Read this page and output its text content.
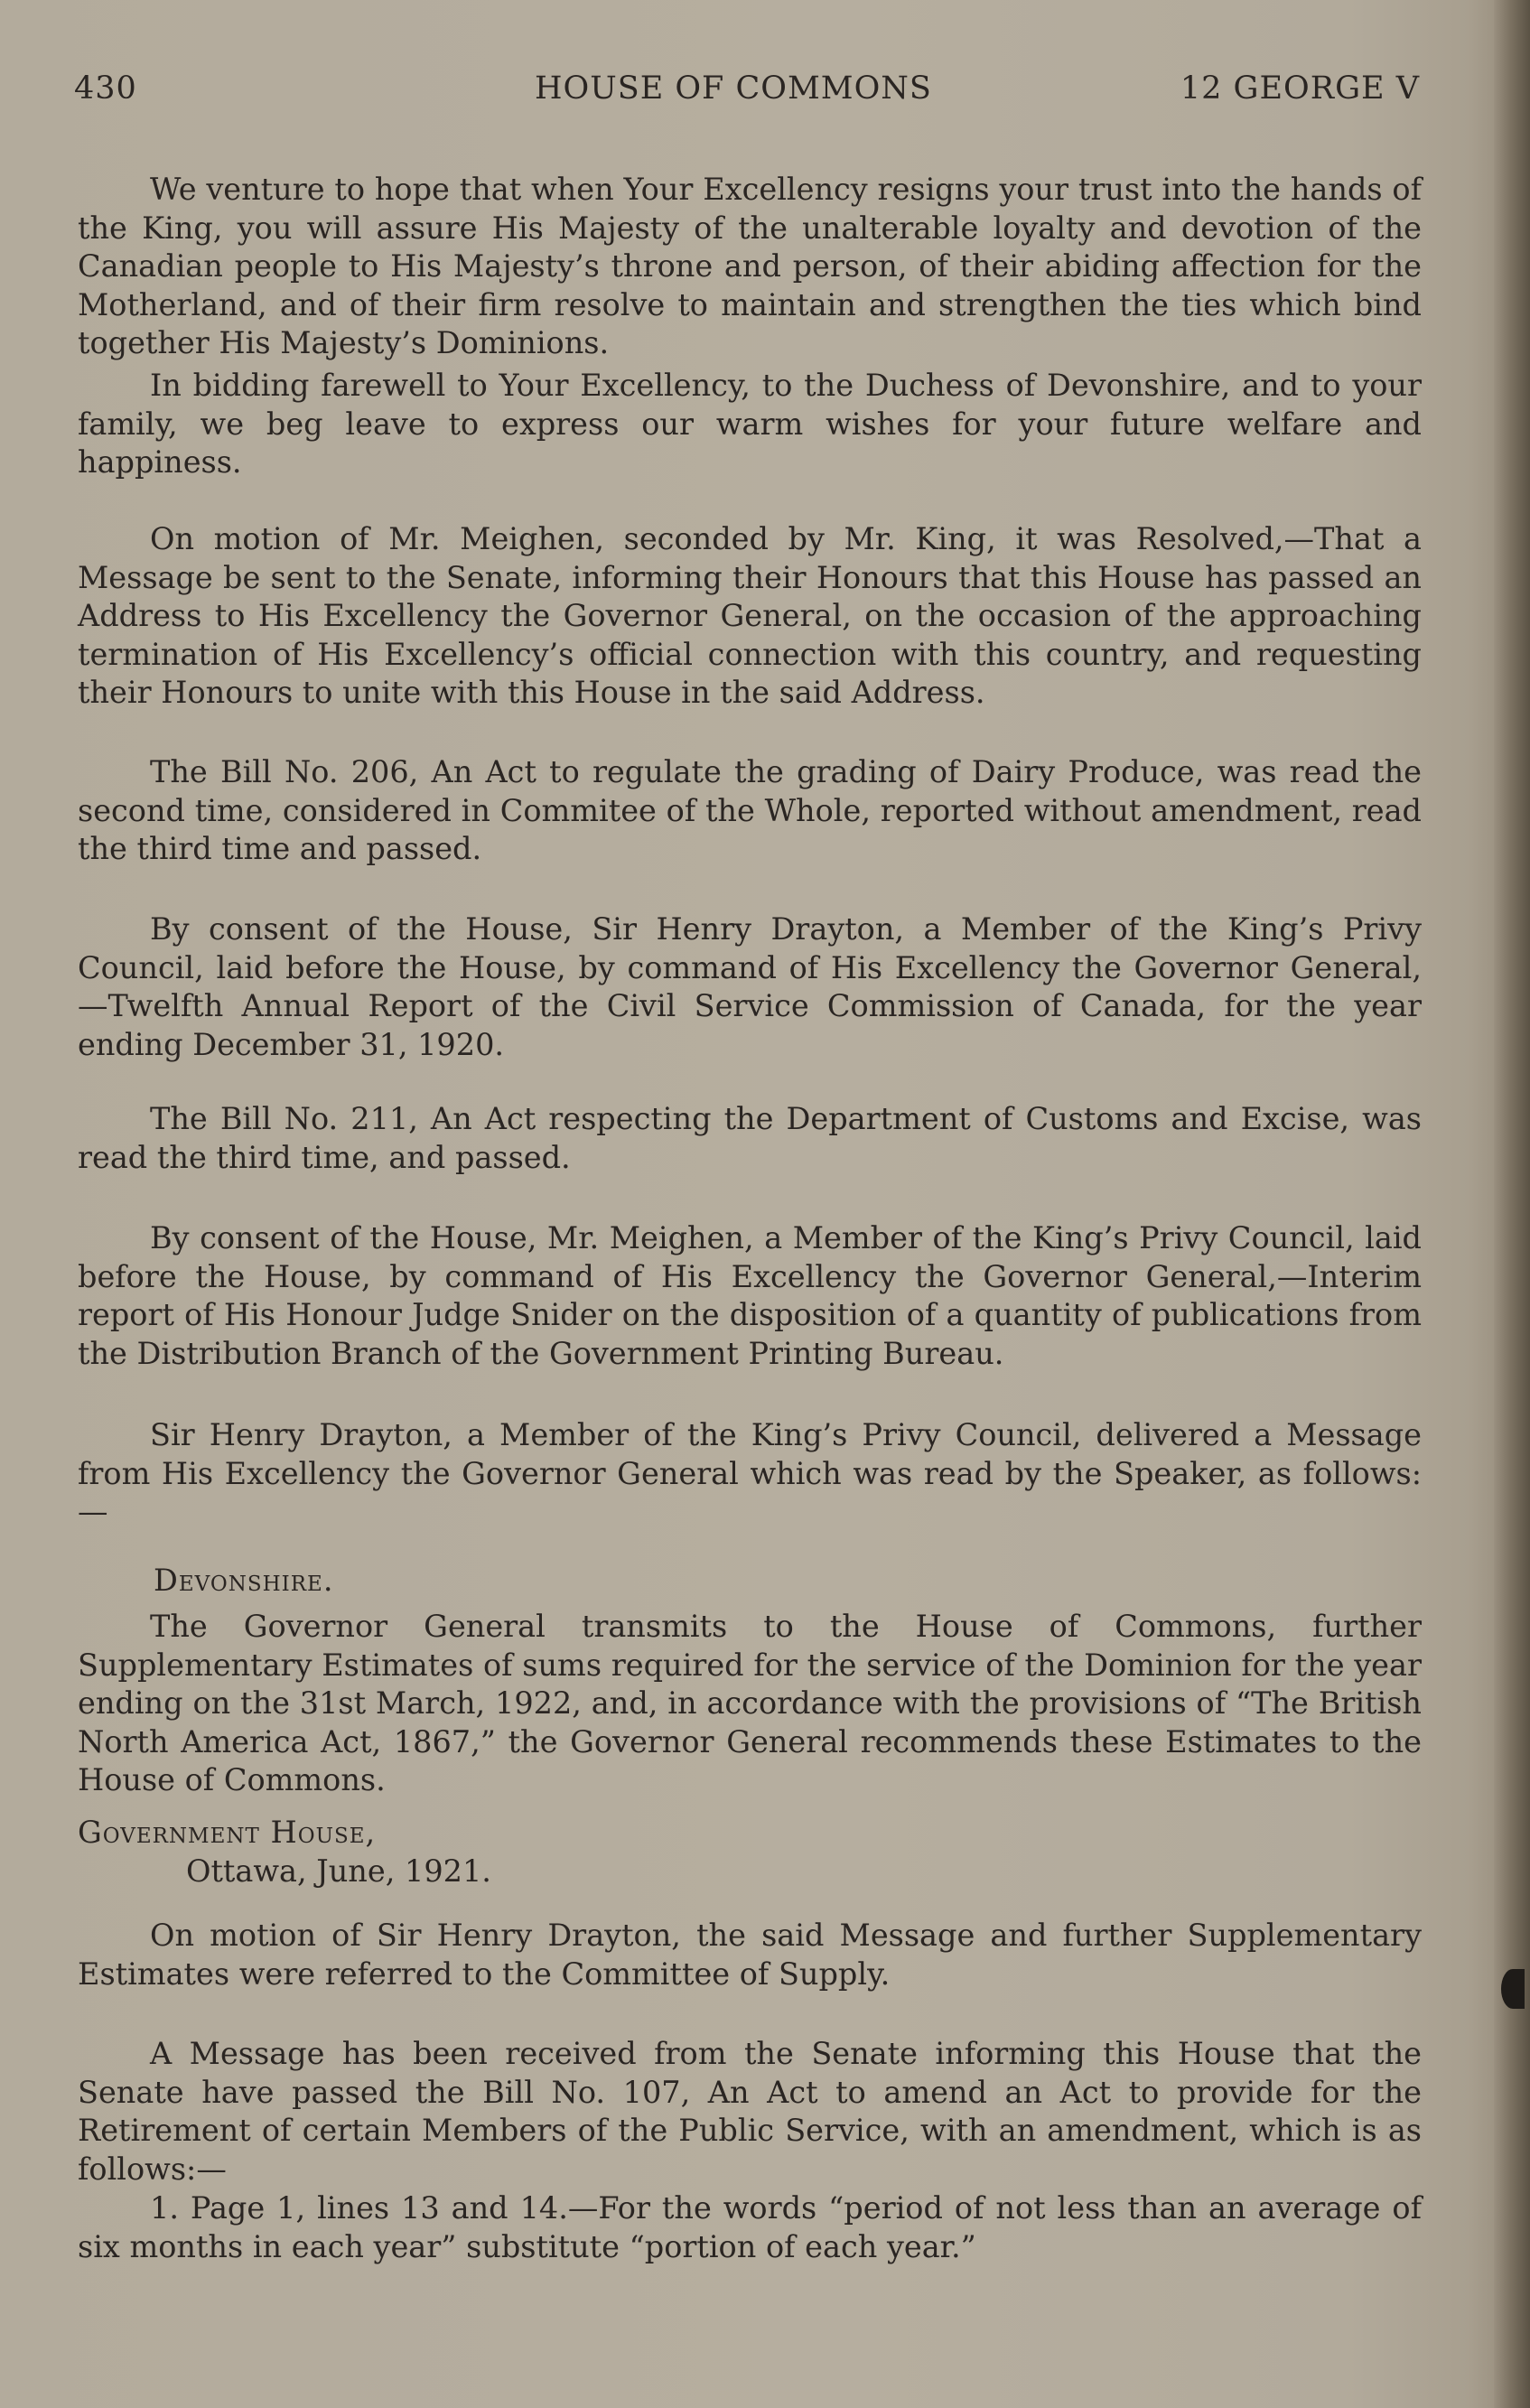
430	HOUSE OF COMMONS	12 GEORGE V

We venture to hope that when Your Excellency resigns your trust into the hands of the King, you will assure His Majesty of the unalterable loyalty and devotion of the Canadian people to His Majesty’s throne and person, of their abiding affection for the Motherland, and of their firm resolve to maintain and strengthen the ties which bind together His Majesty’s Dominions.

In bidding farewell to Your Excellency, to the Duchess of Devonshire, and to your family, we beg leave to express our warm wishes for your future welfare and happiness.

On motion of Mr. Meighen, seconded by Mr. King, it was Resolved,—That a Message be sent to the Senate, informing their Honours that this House has passed an Address to His Excellency the Governor General, on the occasion of the approaching termination of His Excellency’s official connection with this country, and requesting their Honours to unite with this House in the said Address.

The Bill No. 206, An Act to regulate the grading of Dairy Produce, was read the second time, considered in Commitee of the Whole, reported without amendment, read the third time and passed.

By consent of the House, Sir Henry Drayton, a Member of the King’s Privy Council, laid before the House, by command of His Excellency the Governor General, —Twelfth Annual Report of the Civil Service Commission of Canada, for the year ending December 31, 1920.

The Bill No. 211, An Act respecting the Department of Customs and Excise, was read the third time, and passed.

By consent of the House, Mr. Meighen, a Member of the King’s Privy Council, laid before the House, by command of His Excellency the Governor General,—Interim report of His Honour Judge Snider on the disposition of a quantity of publications from the Distribution Branch of the Government Printing Bureau.

Sir Henry Drayton, a Member of the King’s Privy Council, delivered a Message from His Excellency the Governor General which was read by the Speaker, as follows:—

Devonshire.

The Governor General transmits to the House of Commons, further Supplementary Estimates of sums required for the service of the Dominion for the year ending on the 31st March, 1922, and, in accordance with the provisions of “The British North America Act, 1867,” the Governor General recommends these Estimates to the House of Commons.

Government House,

Ottawa, June, 1921.

On motion of Sir Henry Drayton, the said Message and further Supplementary Estimates were referred to the Committee of Supply.

A Message has been received from the Senate informing this House that the Senate have passed the Bill No. 107, An Act to amend an Act to provide for the Retirement of certain Members of the Public Service, with an amendment, which is as follows:—

1. Page 1, lines 13 and 14.—For the words “period of not less than an average of six months in each year” substitute “portion of each year.”
